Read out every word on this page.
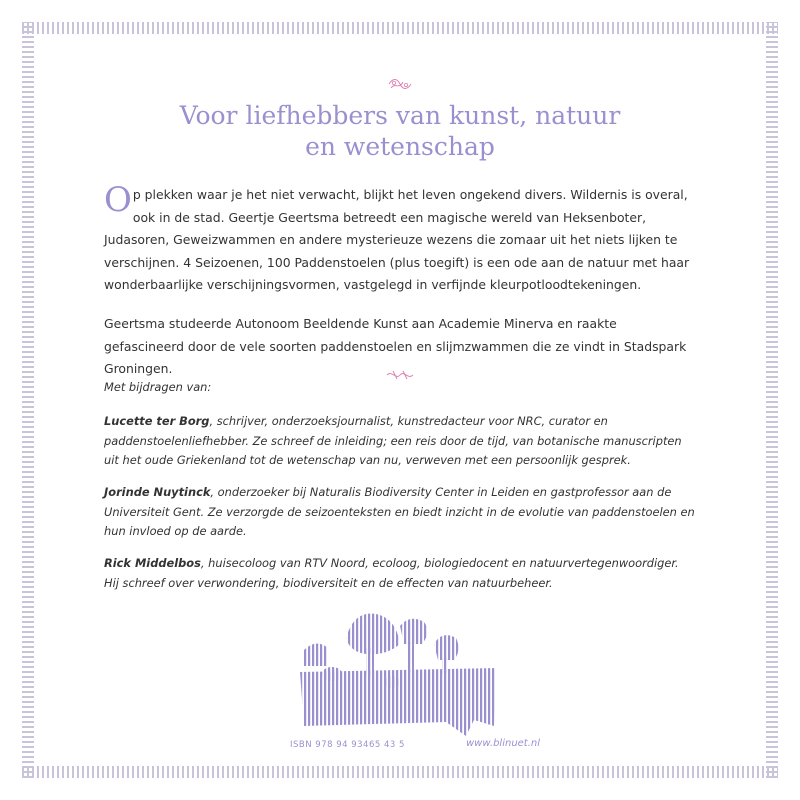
Voor liefhebbers van kunst, natuur
en wetenschap
Op plekken waar je het niet verwacht, blijkt het leven ongekend divers. Wildernis is overal, ook in de stad. Geertje Geertsma betreedt een magische wereld van Heksenboter, Judasoren, Geweizwammen en andere mysterieuze wezens die zomaar uit het niets lijken te verschijnen. 4 Seizoenen, 100 Paddenstoelen (plus toegift) is een ode aan de natuur met haar wonderbaarlijke verschijningsvormen, vastgelegd in verfijnde kleurpotloodtekeningen.
Geertsma studeerde Autonoom Beeldende Kunst aan Academie Minerva en raakte gefascineerd door de vele soorten paddenstoelen en slijmzwammen die ze vindt in Stadspark Groningen.
Met bijdragen van:
Lucette ter Borg, schrijver, onderzoeksjournalist, kunstredacteur voor NRC, curator en paddenstoelenliefhebber. Ze schreef de inleiding; een reis door de tijd, van botanische manuscripten uit het oude Griekenland tot de wetenschap van nu, verweven met een persoonlijk gesprek.
Jorinde Nuytinck, onderzoeker bij Naturalis Biodiversity Center in Leiden en gastprofessor aan de Universiteit Gent. Ze verzorgde de seizoenteksten en biedt inzicht in de evolutie van paddenstoelen en hun invloed op de aarde.
Rick Middelbos, huisecoloog van RTV Noord, ecoloog, biologiedocent en natuurvertegenwoordiger. Hij schreef over verwondering, biodiversiteit en de effecten van natuurbeheer.
ISBN 978 94 93465 43 5	www.blinuet.nl
